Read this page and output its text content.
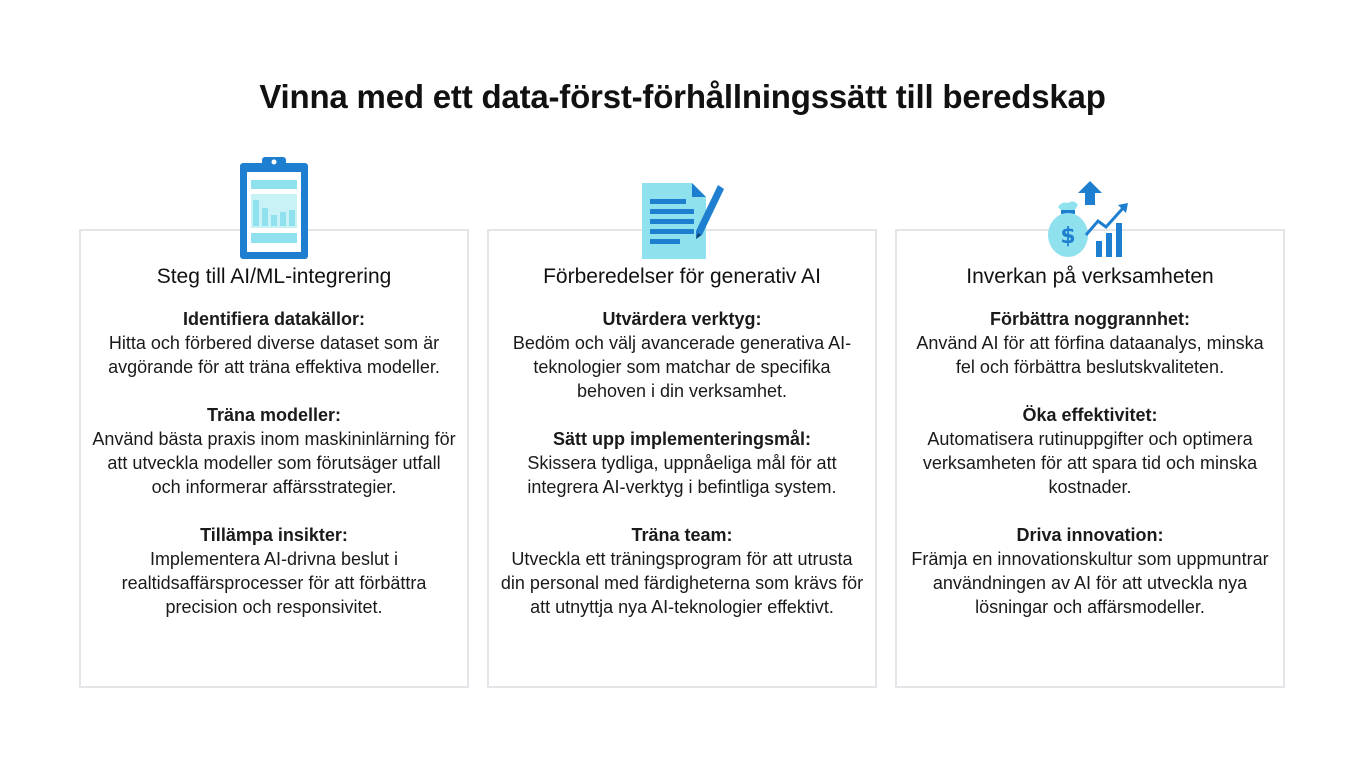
Vinna med ett data-först-förhållningssätt till beredskap
Steg till AI/ML-integrering
Identifiera datakällor:
Hitta och förbered diverse dataset som är avgörande för att träna effektiva modeller.
Träna modeller:
Använd bästa praxis inom maskininlärning för att utveckla modeller som förutsäger utfall och informerar affärsstrategier.
Tillämpa insikter:
Implementera AI-drivna beslut i realtidsaffärsprocesser för att förbättra precision och responsivitet.
Förberedelser för generativ AI
Utvärdera verktyg:
Bedöm och välj avancerade generativa AI-teknologier som matchar de specifika behoven i din verksamhet.
Sätt upp implementeringsmål:
Skissera tydliga, uppnåeliga mål för att integrera AI-verktyg i befintliga system.
Träna team:
Utveckla ett träningsprogram för att utrusta din personal med färdigheterna som krävs för att utnyttja nya AI-teknologier effektivt.
$
Inverkan på verksamheten
Förbättra noggrannhet:
Använd AI för att förfina dataanalys, minska fel och förbättra beslutskvaliteten.
Öka effektivitet:
Automatisera rutinuppgifter och optimera verksamheten för att spara tid och minska kostnader.
Driva innovation:
Främja en innovationskultur som uppmuntrar användningen av AI för att utveckla nya lösningar och affärsmodeller.
